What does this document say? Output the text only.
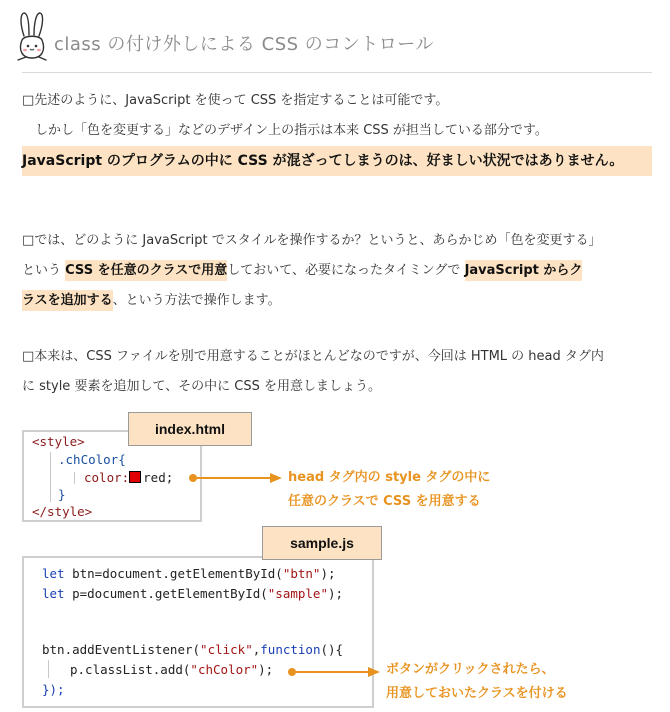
class の付け外しによる CSS のコントロール

□先述のように、JavaScript を使って CSS を指定することは可能です。

　しかし「色を変更する」などのデザイン上の指示は本来 CSS が担当している部分です。

JavaScript のプログラムの中に CSS が混ざってしまうのは、好ましい状況ではありません。

□では、どのように JavaScript でスタイルを操作するか？というと、あらかじめ「色を変更する」

という CSS を任意のクラスで用意しておいて、必要になったタイミングで JavaScript からク

ラスを追加する、という方法で操作します。

□本来は、CSS ファイルを別で用意することがほとんどなのですが、今回は HTML の head タグ内

に style 要素を追加して、その中に CSS を用意しましょう。

<style>
.chColor{
color: red;
}
</style>
index.html
head タグ内の style タグの中に
任意のクラスで CSS を用意する
let btn=document.getElementById("btn");
let p=document.getElementById("sample");
btn.addEventListener("click",function(){
p.classList.add("chColor");
});
sample.js
ボタンがクリックされたら、
用意しておいたクラスを付ける
